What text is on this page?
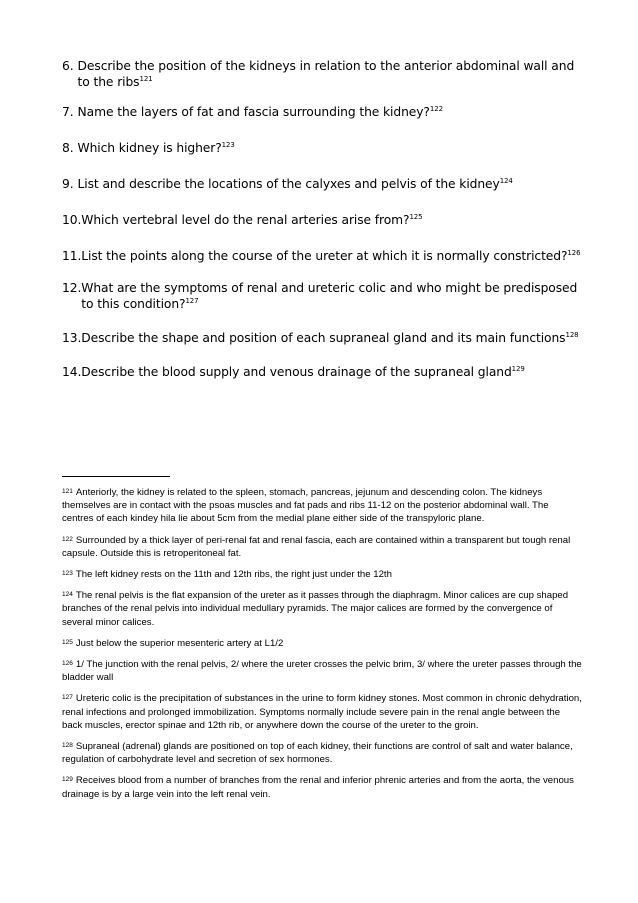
6. Describe the position of the kidneys in relation to the anterior abdominal wall and to the ribs$^{121}$
7. Name the layers of fat and fascia surrounding the kidney?$^{122}$
8. Which kidney is higher?$^{123}$
9. List and describe the locations of the calyxes and pelvis of the kidney$^{124}$
10. Which vertebral level do the renal arteries arise from?$^{125}$
11. List the points along the course of the ureter at which it is normally constricted?$^{126}$
12. What are the symptoms of renal and ureteric colic and who might be predisposed to this condition?$^{127}$
13. Describe the shape and position of each supraneal gland and its main functions$^{128}$
14. Describe the blood supply and venous drainage of the supraneal gland$^{129}$

$^{121}$ Anteriorly, the kidney is related to the spleen, stomach, pancreas, jejunum and descending colon. The kidneys themselves are in contact with the psoas muscles and fat pads and ribs 11-12 on the posterior abdominal wall. The centres of each kindey hila lie about 5cm from the medial plane either side of the transpyloric plane.

$^{122}$ Surrounded by a thick layer of peri-renal fat and renal fascia, each are contained within a transparent but tough renal capsule. Outside this is retroperitoneal fat.

$^{123}$ The left kidney rests on the 11th and 12th ribs, the right just under the 12th

$^{124}$ The renal pelvis is the flat expansion of the ureter as it passes through the diaphragm. Minor calices are cup shaped branches of the renal pelvis into individual medullary pyramids. The major calices are formed by the convergence of several minor calices.

$^{125}$ Just below the superior mesenteric artery at L1/2

$^{126}$ 1/ The junction with the renal pelvis, 2/ where the ureter crosses the pelvic brim, 3/ where the ureter passes through the bladder wall

$^{127}$ Ureteric colic is the precipitation of substances in the urine to form kidney stones. Most common in chronic dehydration, renal infections and prolonged immobilization. Symptoms normally include severe pain in the renal angle between the back muscles, erector spinae and 12th rib, or anywhere down the course of the ureter to the groin.

$^{128}$ Supraneal (adrenal) glands are positioned on top of each kidney, their functions are control of salt and water balance, regulation of carbohydrate level and secretion of sex hormones.

$^{129}$ Receives blood from a number of branches from the renal and inferior phrenic arteries and from the aorta, the venous drainage is by a large vein into the left renal vein.
